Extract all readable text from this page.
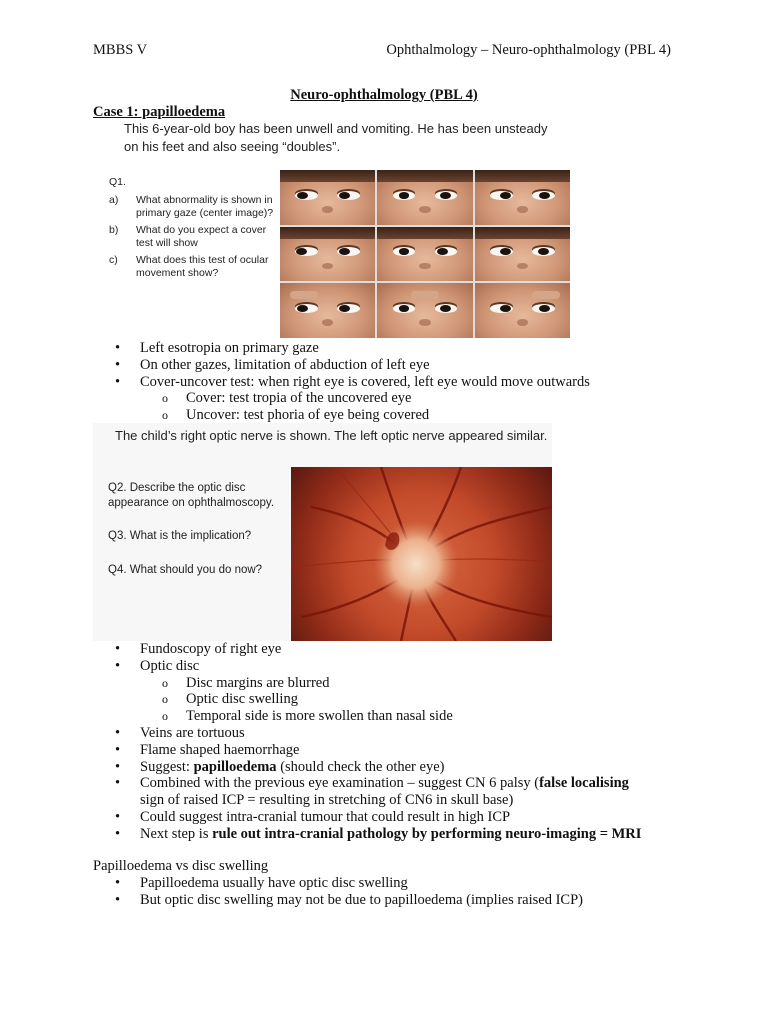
MBBS V	Ophthalmology – Neuro-ophthalmology (PBL 4)
Neuro-ophthalmology (PBL 4)
Case 1: papilloedema
This 6-year-old boy has been unwell and vomiting. He has been unsteady on his feet and also seeing “doubles”.
Q1.
a)	What abnormality is shown in primary gaze (center image)?
b)	What do you expect a cover test will show
c)	What does this test of ocular movement show?
• Left esotropia on primary gaze
• On other gazes, limitation of abduction of left eye
• Cover-uncover test: when right eye is covered, left eye would move outwards
o Cover: test tropia of the uncovered eye
o Uncover: test phoria of eye being covered
The child’s right optic nerve is shown. The left optic nerve appeared similar.
Q2. Describe the optic disc
appearance on ophthalmoscopy.
Q3. What is the implication?
Q4. What should you do now?
• Fundoscopy of right eye
• Optic disc
o Disc margins are blurred
o Optic disc swelling
o Temporal side is more swollen than nasal side
• Veins are tortuous
• Flame shaped haemorrhage
• Suggest: papilloedema (should check the other eye)
• Combined with the previous eye examination – suggest CN 6 palsy (false localising
sign of raised ICP = resulting in stretching of CN6 in skull base)
• Could suggest intra-cranial tumour that could result in high ICP
• Next step is rule out intra-cranial pathology by performing neuro-imaging = MRI
Papilloedema vs disc swelling
• Papilloedema usually have optic disc swelling
• But optic disc swelling may not be due to papilloedema (implies raised ICP)
